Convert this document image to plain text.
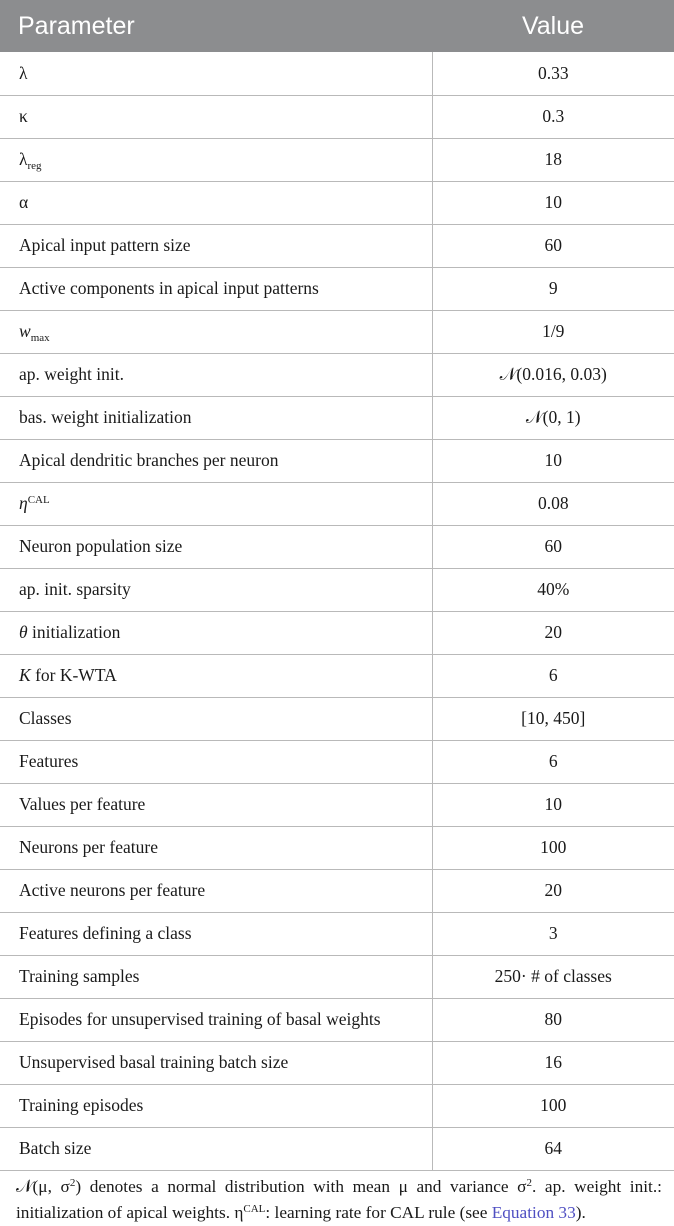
Parameter	Value
λ	0.33
κ	0.3
$\lambda_{reg}$	18
α	10
Apical input pattern size	60
Active components in apical input patterns	9
$w_{max}$	1/9
ap. weight init.	𝒩(0.016, 0.03)
bas. weight initialization	𝒩(0, 1)
Apical dendritic branches per neuron	10
$\eta^{CAL}$	0.08
Neuron population size	60
ap. init. sparsity	40%
θ initialization	20
K for K-WTA	6
Classes	[10, 450]
Features	6
Values per feature	10
Neurons per feature	100
Active neurons per feature	20
Features defining a class	3
Training samples	250· # of classes
Episodes for unsupervised training of basal weights	80
Unsupervised basal training batch size	16
Training episodes	100
Batch size	64
𝒩(μ, $\sigma^2$) denotes a normal distribution with mean μ and variance $\sigma^2$. ap. weight init.: initialization of apical weights. $\eta^{CAL}$: learning rate for CAL rule (see Equation 33).
